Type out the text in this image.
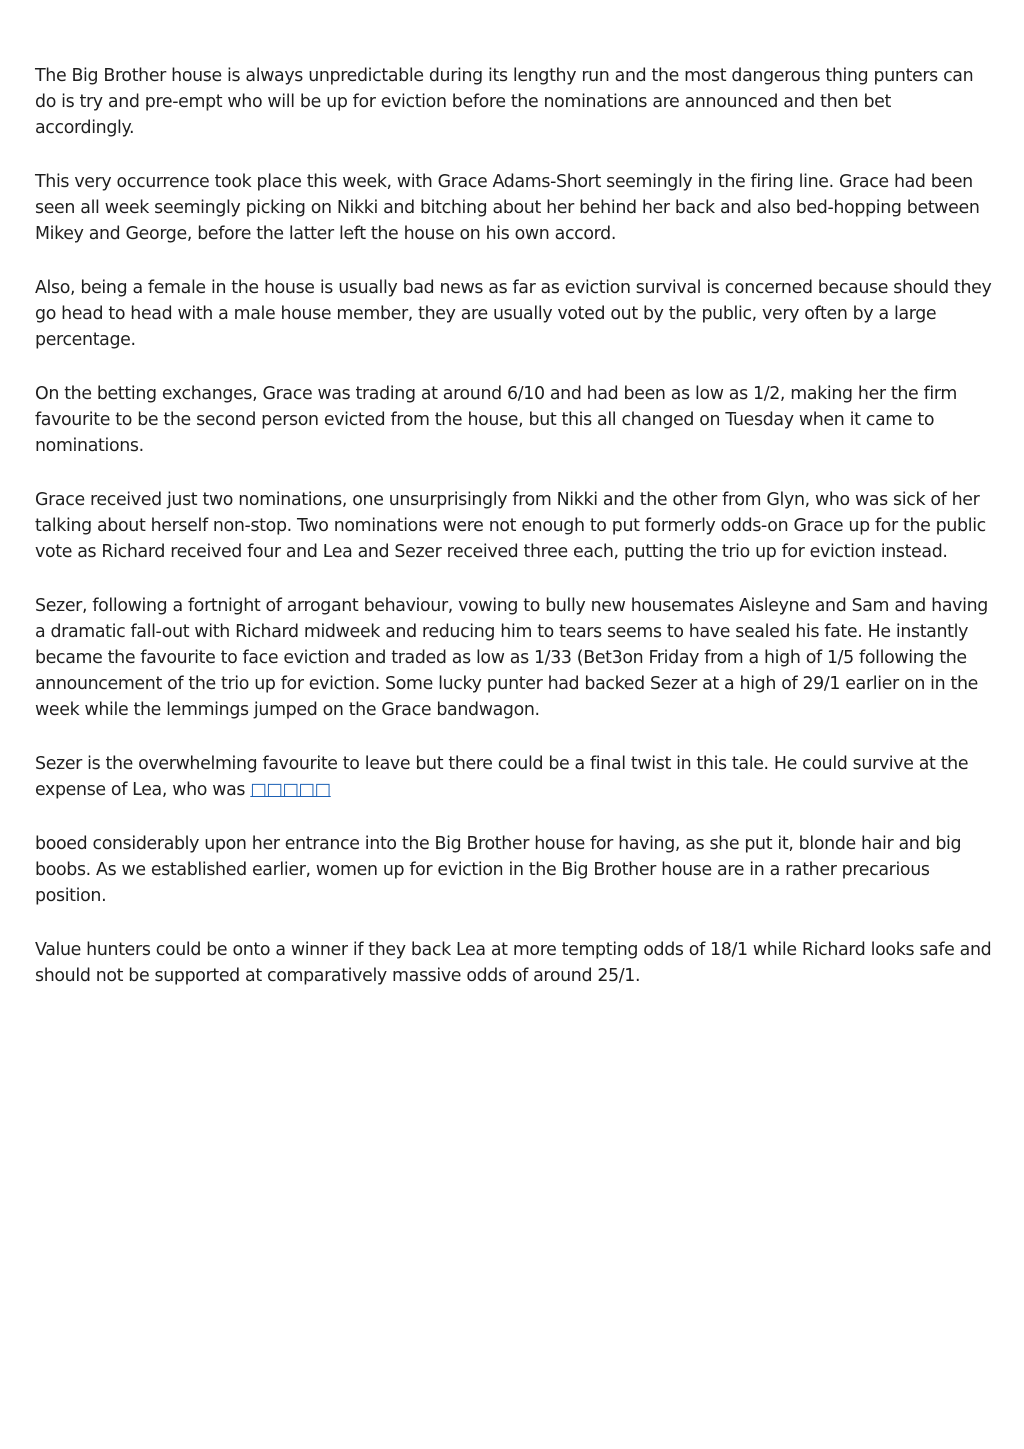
The Big Brother house is always unpredictable during its lengthy run and the most dangerous thing punters can do is try and pre-empt who will be up for eviction before the nominations are announced and then bet accordingly.

This very occurrence took place this week, with Grace Adams-Short seemingly in the firing line. Grace had been seen all week seemingly picking on Nikki and bitching about her behind her back and also bed-hopping between Mikey and George, before the latter left the house on his own accord.

Also, being a female in the house is usually bad news as far as eviction survival is concerned because should they go head to head with a male house member, they are usually voted out by the public, very often by a large percentage.

On the betting exchanges, Grace was trading at around 6/10 and had been as low as 1/2, making her the firm favourite to be the second person evicted from the house, but this all changed on Tuesday when it came to nominations.

Grace received just two nominations, one unsurprisingly from Nikki and the other from Glyn, who was sick of her talking about herself non-stop. Two nominations were not enough to put formerly odds-on Grace up for the public vote as Richard received four and Lea and Sezer received three each, putting the trio up for eviction instead.

Sezer, following a fortnight of arrogant behaviour, vowing to bully new housemates Aisleyne and Sam and having a dramatic fall-out with Richard midweek and reducing him to tears seems to have sealed his fate. He instantly became the favourite to face eviction and traded as low as 1/33 (Bet3on Friday from a high of 1/5 following the announcement of the trio up for eviction. Some lucky punter had backed Sezer at a high of 29/1 earlier on in the week while the lemmings jumped on the Grace bandwagon.

Sezer is the overwhelming favourite to leave but there could be a final twist in this tale. He could survive at the expense of Lea, who was □□□□□

booed considerably upon her entrance into the Big Brother house for having, as she put it, blonde hair and big boobs. As we established earlier, women up for eviction in the Big Brother house are in a rather precarious position.

Value hunters could be onto a winner if they back Lea at more tempting odds of 18/1 while Richard looks safe and should not be supported at comparatively massive odds of around 25/1.
